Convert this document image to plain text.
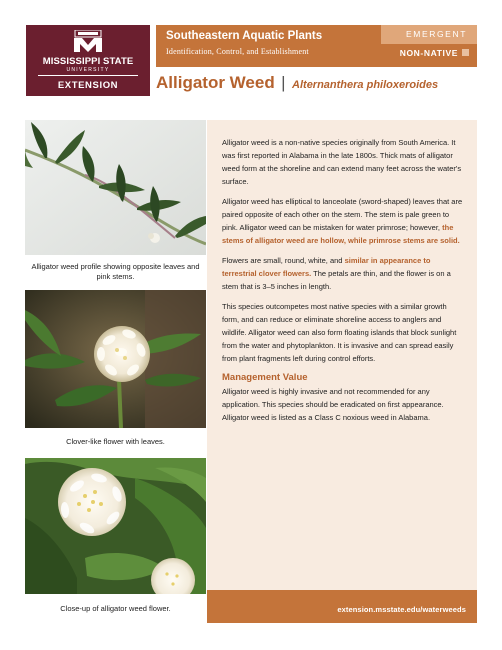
MISSISSIPPI STATE
UNIVERSITY
EXTENSION
Southeastern Aquatic Plants
Identification, Control, and Establishment
EMERGENT
NON-NATIVE
Alligator Weed | Alternanthera philoxeroides
Alligator weed profile showing opposite leaves and pink stems.
Clover-like flower with leaves.
Close-up of alligator weed flower.

Alligator weed is a non-native species originally from South America. It was first reported in Alabama in the late 1800s. Thick mats of alligator weed form at the shoreline and can extend many feet across the water's surface.

Alligator weed has elliptical to lanceolate (sword-shaped) leaves that are paired opposite of each other on the stem. The stem is pale green to pink. Alligator weed can be mistaken for water primrose; however, the stems of alligator weed are hollow, while primrose stems are solid.

Flowers are small, round, white, and similar in appearance to terrestrial clover flowers. The petals are thin, and the flower is on a stem that is 3–5 inches in length.

This species outcompetes most native species with a similar growth form, and can reduce or eliminate shoreline access to anglers and wildlife. Alligator weed can also form floating islands that block sunlight from the water and phytoplankton. It is invasive and can spread easily from plant fragments left during control efforts.

Management Value

Alligator weed is highly invasive and not recommended for any application. This species should be eradicated on first appearance. Alligator weed is listed as a Class C noxious weed in Alabama.

extension.msstate.edu/waterweeds
